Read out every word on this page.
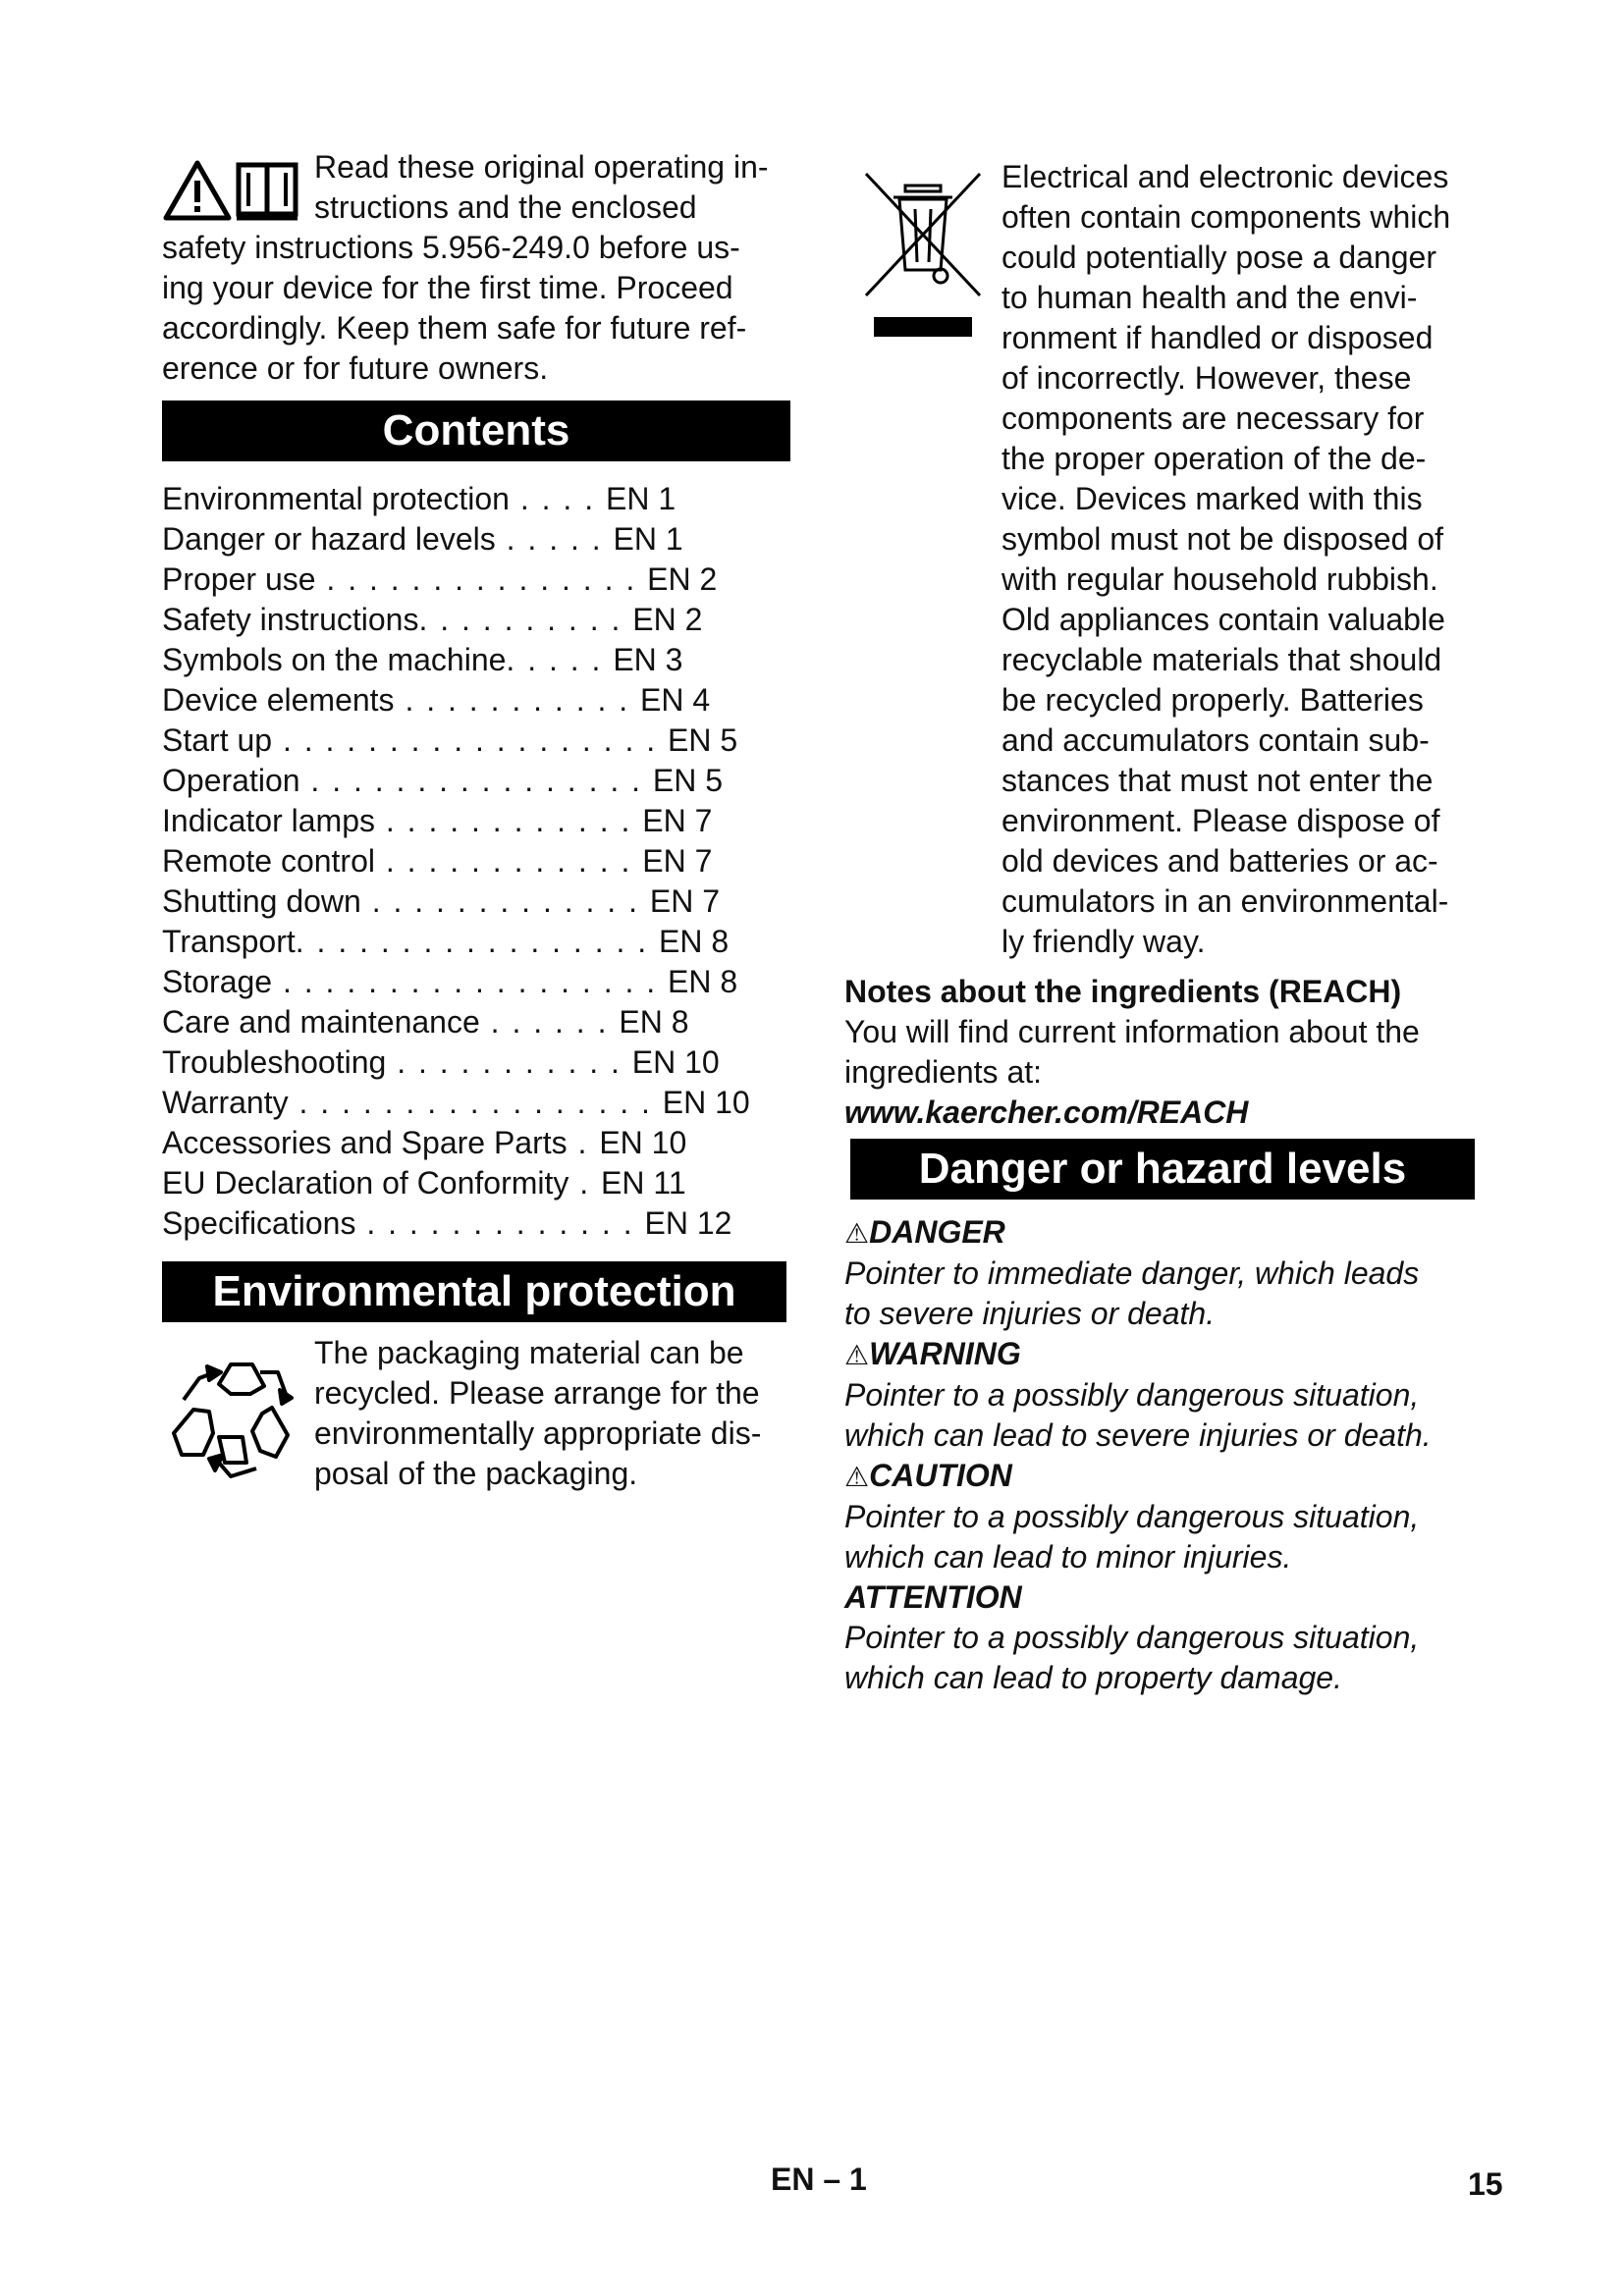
Read these original operating in-

structions and the enclosed

safety instructions 5.956-249.0 before us-

ing your device for the first time. Proceed

accordingly. Keep them safe for future ref-

erence or for future owners.

Contents
Environmental protection . . . . EN 1
Danger or hazard levels . . . . . EN 1
Proper use . . . . . . . . . . . . . . . EN 2
Safety instructions. . . . . . . . . . EN 2
Symbols on the machine. . . . . EN 3
Device elements . . . . . . . . . . . EN 4
Start up . . . . . . . . . . . . . . . . . . EN 5
Operation . . . . . . . . . . . . . . . . EN 5
Indicator lamps . . . . . . . . . . . . EN 7
Remote control . . . . . . . . . . . . EN 7
Shutting down . . . . . . . . . . . . . EN 7
Transport. . . . . . . . . . . . . . . . . EN 8
Storage . . . . . . . . . . . . . . . . . . EN 8
Care and maintenance . . . . . . EN 8
Troubleshooting . . . . . . . . . . . EN 10
Warranty . . . . . . . . . . . . . . . . . EN 10
Accessories and Spare Parts . EN 10
EU Declaration of Conformity . EN 11
Specifications . . . . . . . . . . . . . EN 12
Environmental protection

The packaging material can be

recycled. Please arrange for the

environmentally appropriate dis-

posal of the packaging.

Electrical and electronic devices

often contain components which

could potentially pose a danger

to human health and the envi-

ronment if handled or disposed

of incorrectly. However, these

components are necessary for

the proper operation of the de-

vice. Devices marked with this

symbol must not be disposed of

with regular household rubbish.

Old appliances contain valuable

recyclable materials that should

be recycled properly. Batteries

and accumulators contain sub-

stances that must not enter the

environment. Please dispose of

old devices and batteries or ac-

cumulators in an environmental-

ly friendly way.

Notes about the ingredients (REACH)

You will find current information about the

ingredients at:

www.kaercher.com/REACH

Danger or hazard levels

⚠DANGER

Pointer to immediate danger, which leads

to severe injuries or death.

⚠WARNING

Pointer to a possibly dangerous situation,

which can lead to severe injuries or death.

⚠CAUTION

Pointer to a possibly dangerous situation,

which can lead to minor injuries.

ATTENTION

Pointer to a possibly dangerous situation,

which can lead to property damage.

EN – 1	15
